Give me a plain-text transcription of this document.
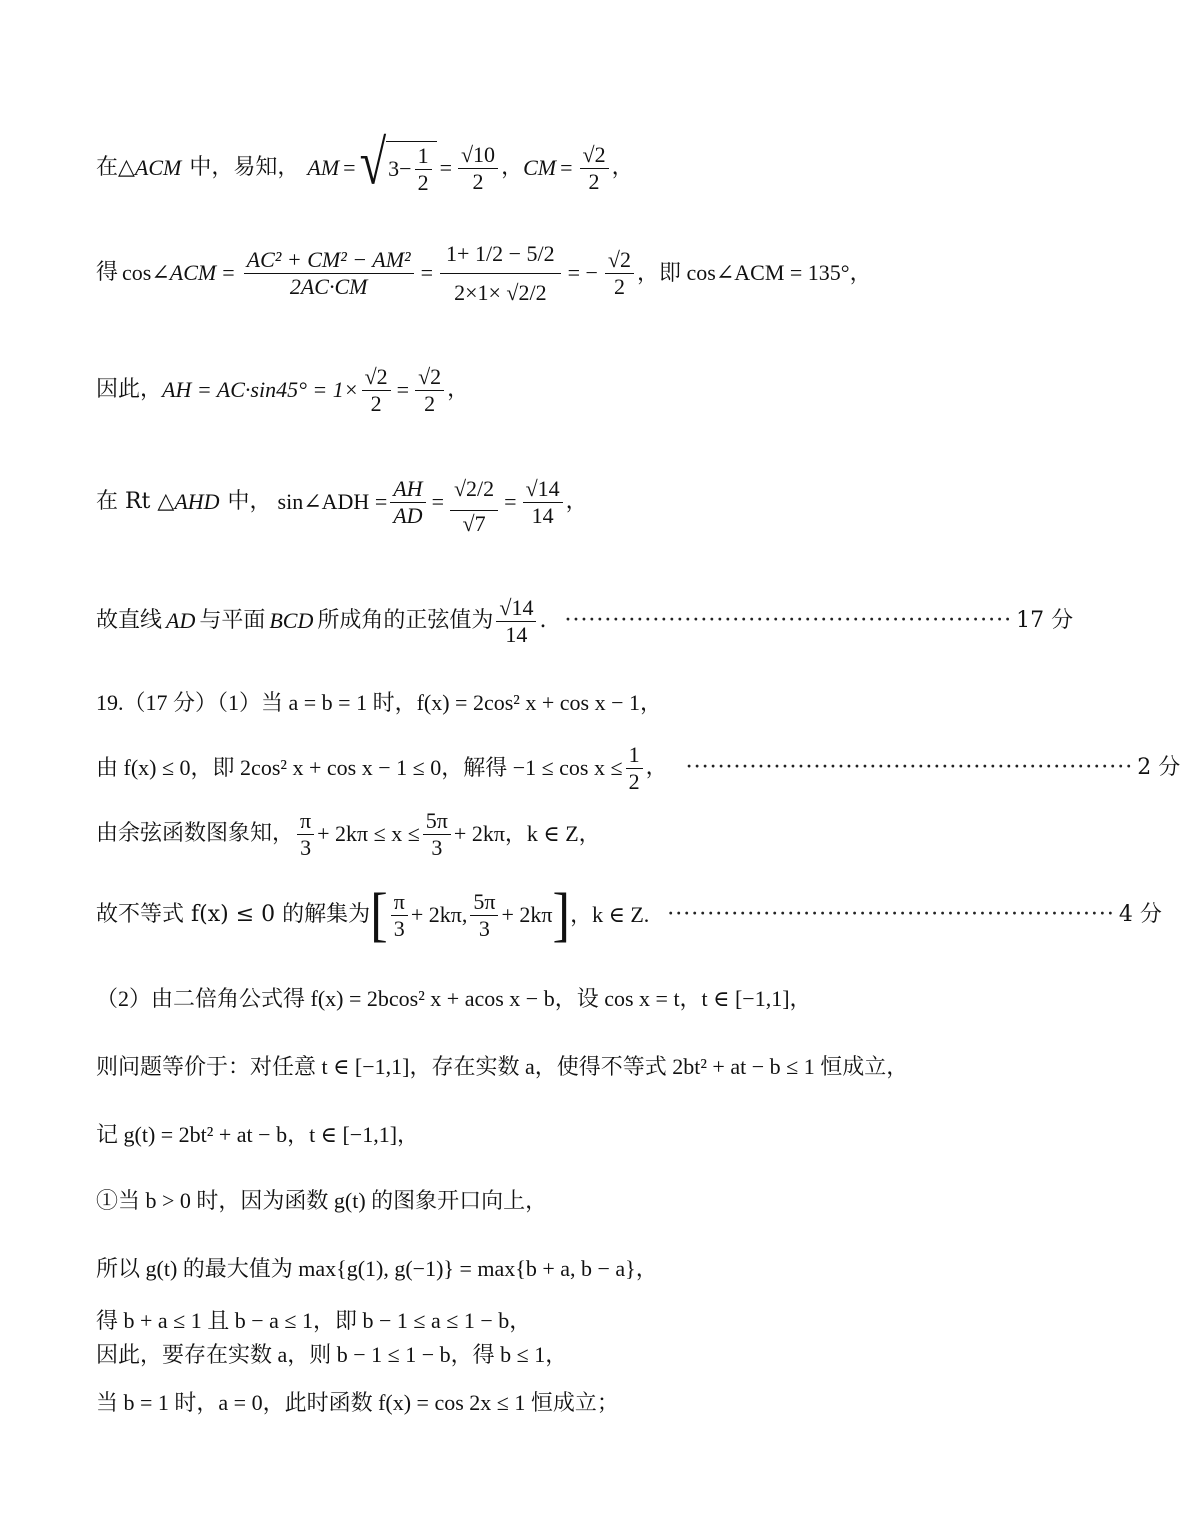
在△ ACM 中，易知， AM = √ $3- \frac{1}{2} = \frac{√10}{2}$ ， CM = $\frac{√2}{2}$ ，
得 cos∠ ACM = $\frac{\text{AC² + CM² − AM²}}{2AC\cdot CM} = \frac{1+ 1/2 - 5/2}{2\times 1\times √2/2}$ = − $\frac{√2}{2}$ ，即 cos∠ACM = 135°，
因此， AH = $AC\cdot\sin 45^\circ = 1\times \frac{√2}{2} = \frac{√2}{2}$ ，
在 Rt △ AHD 中， sin∠ADH = $\frac{AH}{AD} = \frac{√2/2}{√7} = \frac{√14}{14}$ ，
故直线 AD 与平面 BCD 所成角的正弦值为 $\frac{√14}{14}$ . ························································ 17 分
19.（17 分）（1）当 a = b = 1 时，f(x) = 2cos² x + cos x − 1，
由 f(x) ≤ 0，即 2cos² x + cos x − 1 ≤ 0，解得 $-1 \le \cos x \le \frac{1}{2}$ ， ························································ 2 分
由余弦函数图象知， $\frac{\pi}{3} + 2k\pi \le x \le \frac{5\pi}{3} + 2k\pi$，k ∈ Z，
故不等式 f(x) ≤ 0 的解集为 [ $\frac{\pi}{3} + 2k\pi$, $\frac{5\pi}{3} + 2k\pi$ ] ，k ∈ Z. ························································ 4 分
（2）由二倍角公式得 f(x) = 2bcos² x + acos x − b，设 cos x = t，t ∈ [−1,1]，
则问题等价于：对任意 t ∈ [−1,1]，存在实数 a，使得不等式 2bt² + at − b ≤ 1 恒成立，
记 g(t) = 2bt² + at − b，t ∈ [−1,1]，
①当 b > 0 时，因为函数 g(t) 的图象开口向上，
所以 g(t) 的最大值为 max{g(1), g(−1)} = max{b + a, b − a}，
得 b + a ≤ 1 且 b − a ≤ 1，即 b − 1 ≤ a ≤ 1 − b，
因此，要存在实数 a，则 b − 1 ≤ 1 − b，得 b ≤ 1，
当 b = 1 时，a = 0，此时函数 f(x) = cos 2x ≤ 1 恒成立；
